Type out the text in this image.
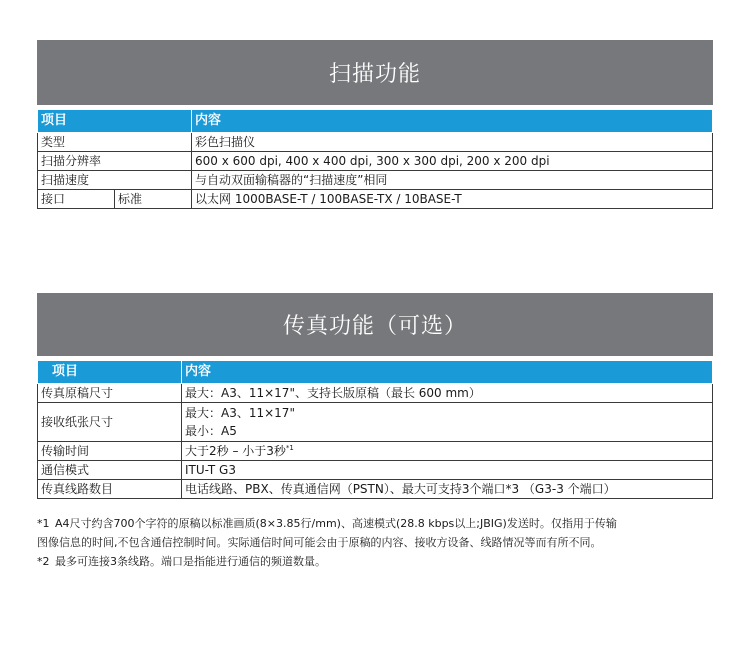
扫描功能

项目		内容
类型		彩色扫描仪
扫描分辨率		600 x 600 dpi, 400 x 400 dpi, 300 x 300 dpi, 200 x 200 dpi
扫描速度		与自动双面输稿器的“扫描速度”相同
接口	标准	以太网 1000BASE-T / 100BASE-TX / 10BASE-T
传真功能（可选）

项目	内容
传真原稿尺寸	最大：A3、11×17"、支持长版原稿（最长 600 mm）
接收纸张尺寸	最大：A3、11×17"
最小：A5

传输时间	大于2秒 – 小于3秒$^{*1}$
通信模式	ITU-T G3
传真线路数目	电话线路、PBX、传真通信网（PSTN）、最大可支持3个端口*3 （G3-3 个端口）
*1 A4尺寸约含700个字符的原稿以标准画质(8×3.85行/mm)、高速模式(28.8 kbps以上;JBIG)发送时。仅指用于传输
图像信息的时间,不包含通信控制时间。实际通信时间可能会由于原稿的内容、接收方设备、线路情况等而有所不同。
*2 最多可连接3条线路。端口是指能进行通信的频道数量。
